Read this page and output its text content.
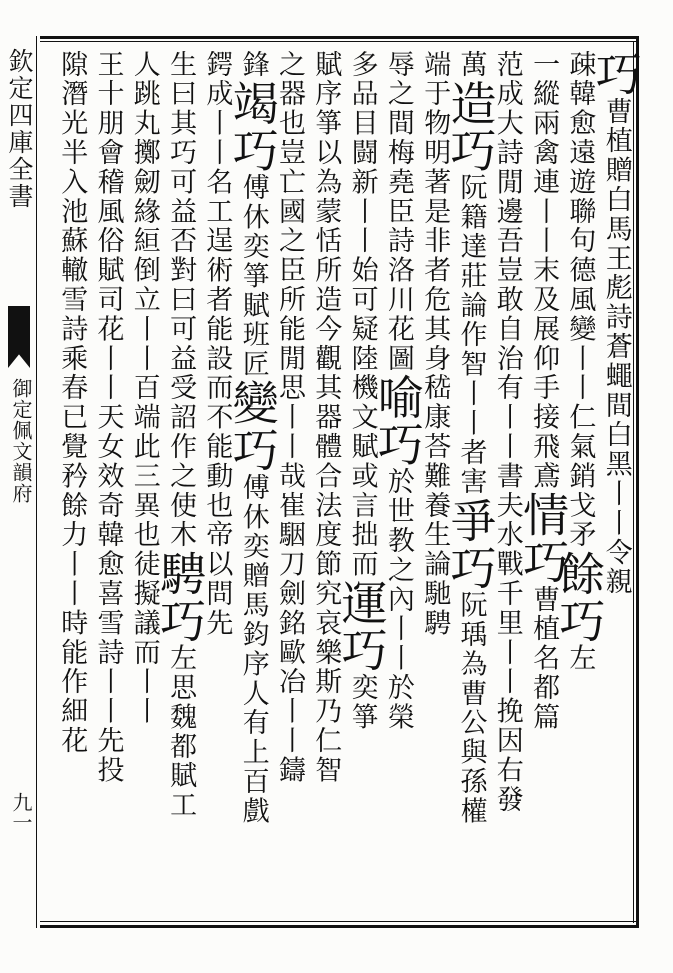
欽定四庫全書
御定佩文韻府
九一
巧曹植贈白馬王彪詩蒼蠅間白黑丨丨令親
疎韓愈遠遊聯句德風變丨丨仁氣銷戈矛餘巧左
一縱兩禽連丨丨末及展仰手接飛鳶情巧曹植名都篇
范成大詩閒邊吾豈敢自治有丨丨書夫水戰千里丨丨挽因右發
萬造巧阮籍達莊論作智丨丨者害爭巧阮瑀為曹公與孫權
端于物明著是非者危其身嵇康荅難養生論馳騁
辱之間梅堯臣詩洛川花圖喻巧於世教之內丨丨於榮
多品目闘新丨丨始可疑陸機文賦或言拙而運巧奕箏
賦序箏以為蒙恬所造今觀其器體合法度節究哀樂斯乃仁智
之器也豈亡國之臣所能閒思丨丨哉崔駰刀劍銘歐冶丨丨鑄
鋒竭巧傅休奕箏賦班匠變巧傅休奕贈馬鈞序人有上百戲
鍔成丨丨名工逞術者能設而不能動也帝以問先
生曰其巧可益否對曰可益受詔作之使木騁巧左思魏都賦工
人跳丸擲劒緣絙倒立丨丨百端此三異也徒擬議而丨丨
王十朋會稽風俗賦司花丨丨天女效奇韓愈喜雪詩丨丨先投
隙潛光半入池蘇轍雪詩乘春已覺矜餘力丨丨時能作細花
